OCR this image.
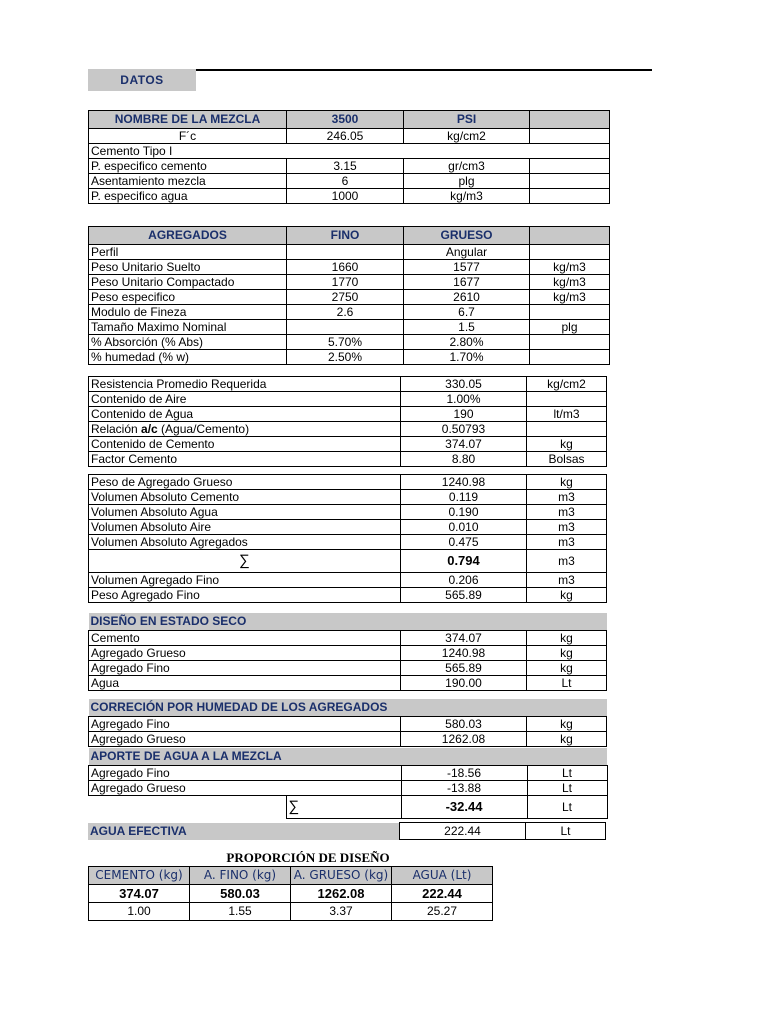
DATOS
NOMBRE DE LA MEZCLA	3500	PSI	
F´c	246.05	kg/cm2	
Cemento Tipo I			
P. especifico cemento	3.15	gr/cm3	
Asentamiento mezcla	6	plg	
P. especifico agua	1000	kg/m3	
AGREGADOS	FINO	GRUESO	
Perfil		Angular	
Peso Unitario Suelto	1660	1577	kg/m3
Peso Unitario Compactado	1770	1677	kg/m3
Peso especifico	2750	2610	kg/m3
Modulo de Fineza	2.6	6.7	
Tamaño Maximo Nominal		1.5	plg
% Absorción (% Abs)	5.70%	2.80%	
% humedad (% w)	2.50%	1.70%	
Resistencia Promedio Requerida	330.05	kg/cm2
Contenido de Aire	1.00%	
Contenido de Agua	190	lt/m3
Relación a/c (Agua/Cemento)	0.50793	
Contenido de Cemento	374.07	kg
Factor Cemento	8.80	Bolsas
Peso de Agregado Grueso	1240.98	kg
Volumen Absoluto Cemento	0.119	m3
Volumen Absoluto Agua	0.190	m3
Volumen Absoluto Aire	0.010	m3
Volumen Absoluto Agregados	0.475	m3
∑	0.794	m3
Volumen Agregado Fino	0.206	m3
Peso Agregado Fino	565.89	kg
DISEÑO EN ESTADO SECO		
Cemento	374.07	kg
Agregado Grueso	1240.98	kg
Agregado Fino	565.89	kg
Agua	190.00	Lt
CORRECIÓN POR HUMEDAD DE LOS AGREGADOS		
Agregado Fino	580.03	kg
Agregado Grueso	1262.08	kg
APORTE DE AGUA A LA MEZCLA			
Agregado Fino		-18.56	Lt
Agregado Grueso		-13.88	Lt
	∑	-32.44	Lt
AGUA EFECTIVA	222.44	Lt
PROPORCIÓN DE DISEÑO
CEMENTO (kg)	A. FINO (kg)	A. GRUESO (kg)	AGUA (Lt)
374.07	580.03	1262.08	222.44
1.00	1.55	3.37	25.27
